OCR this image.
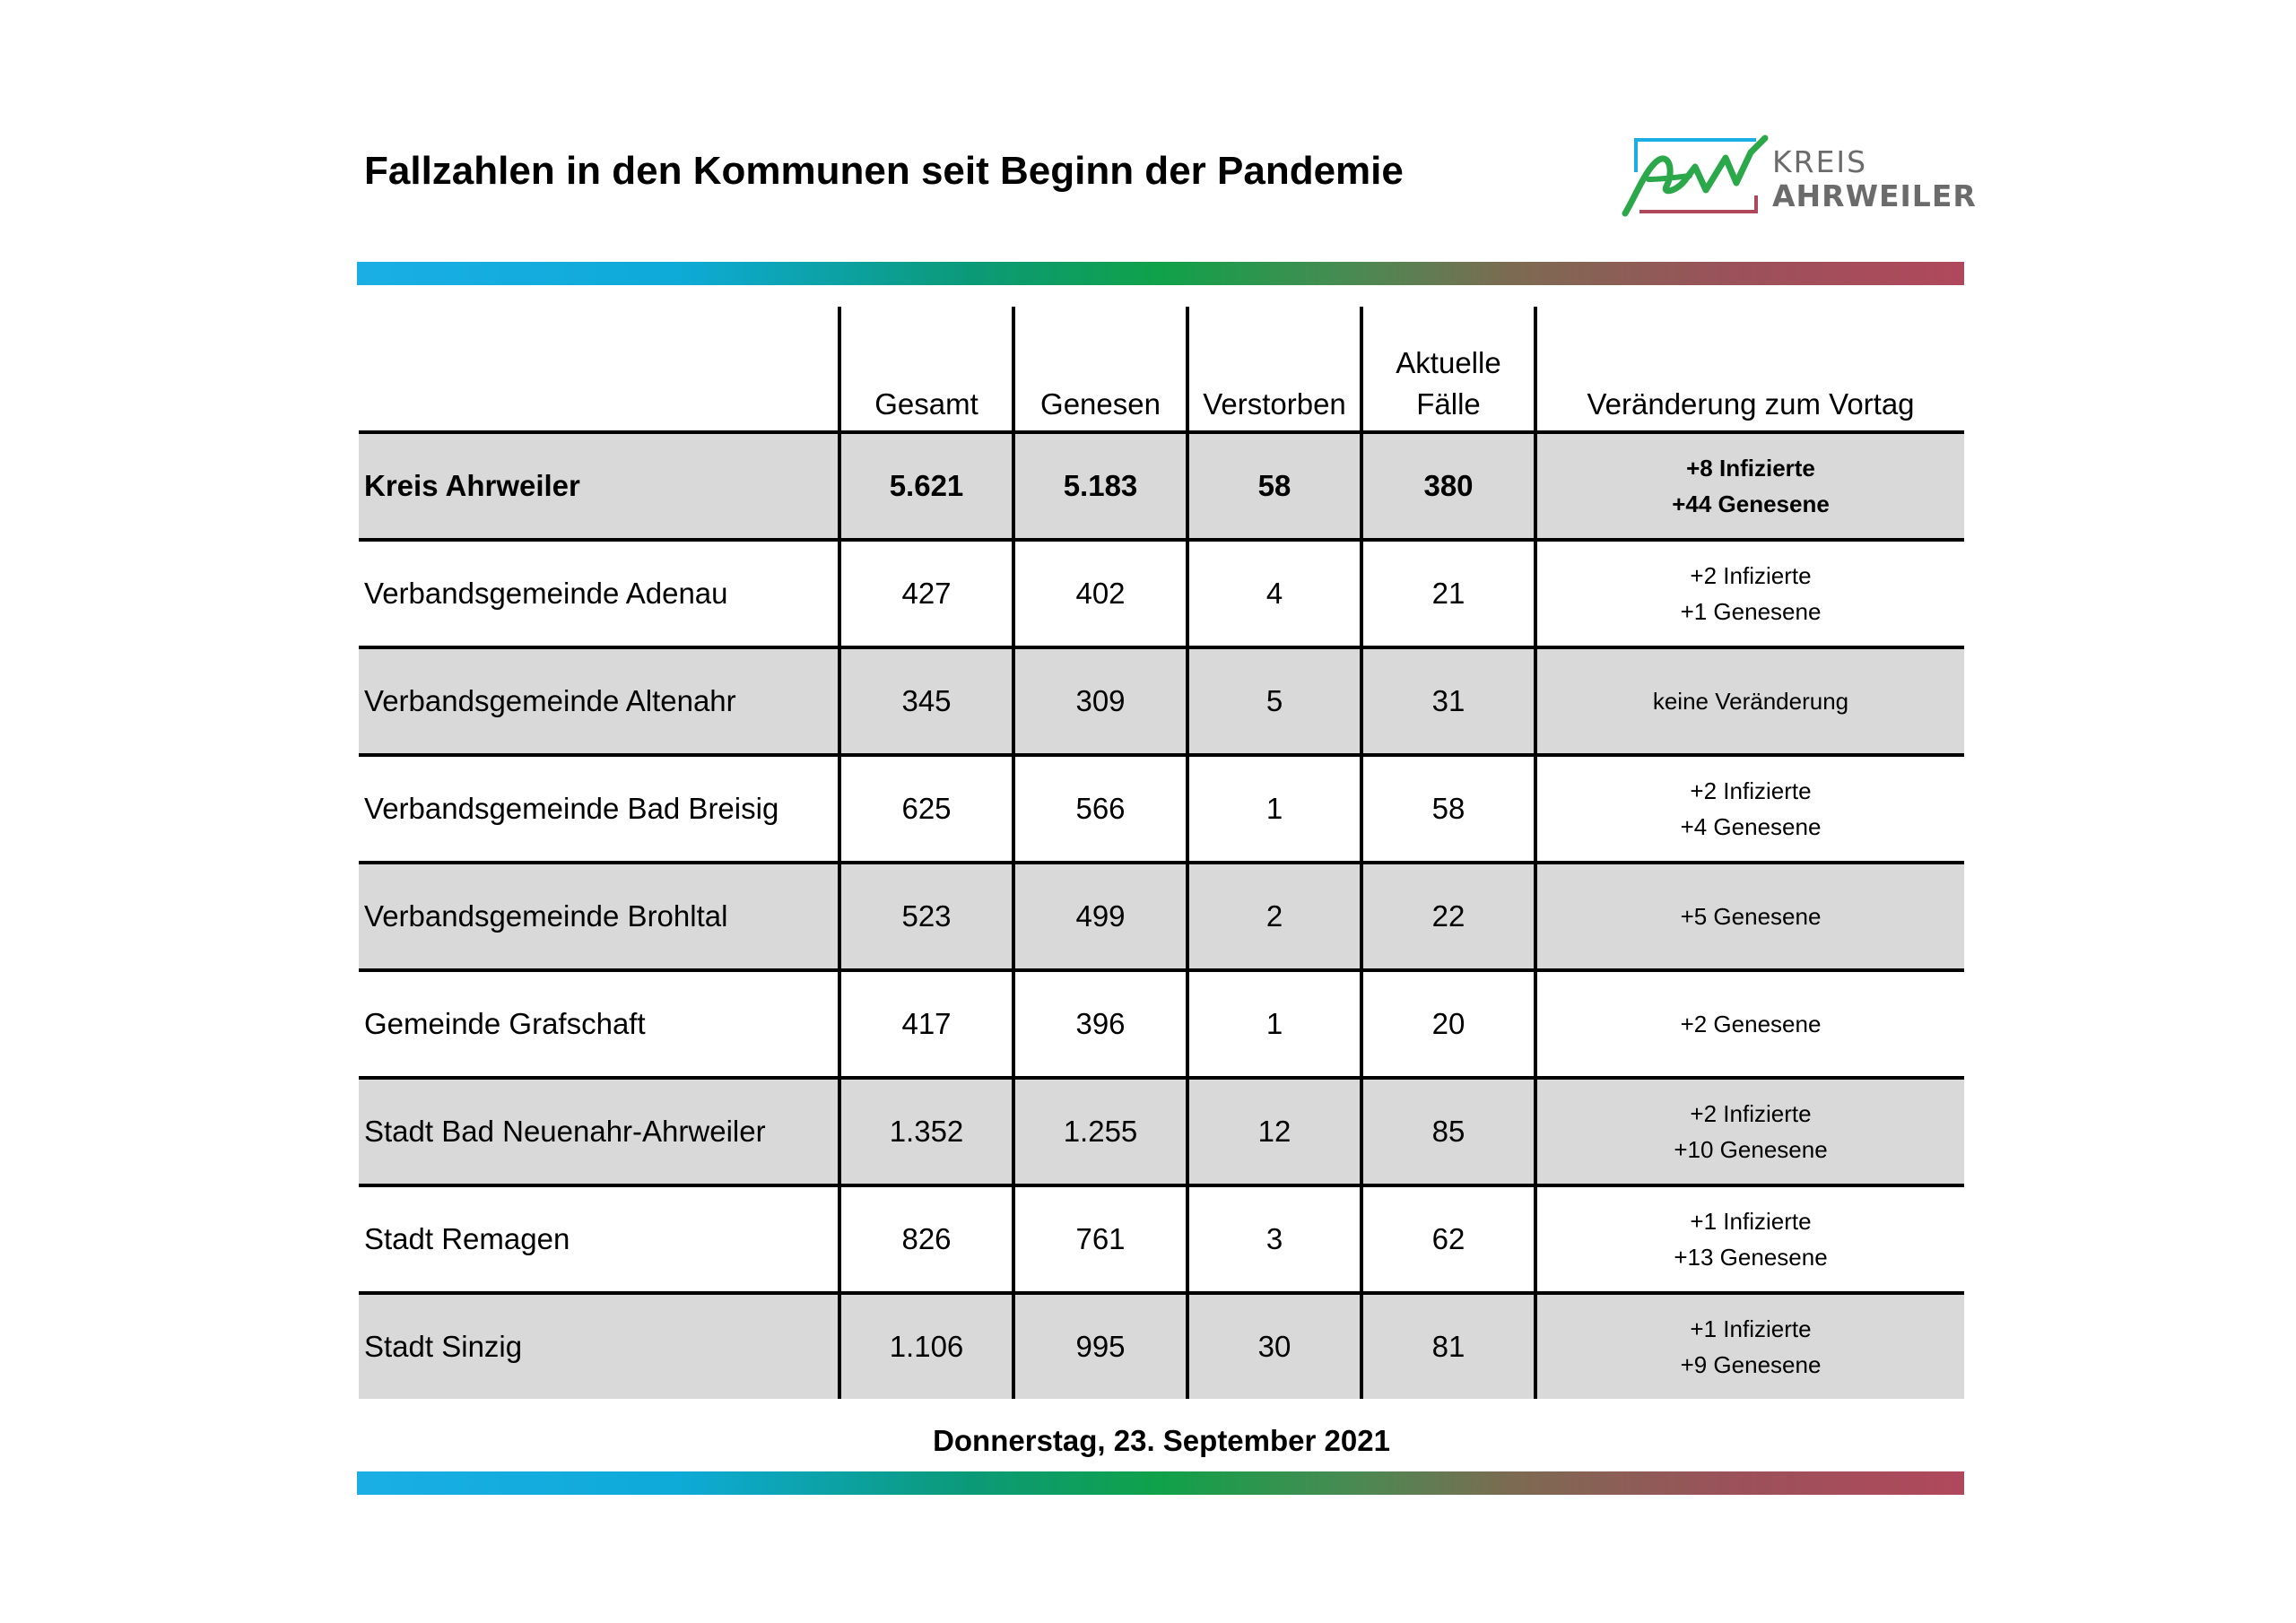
Fallzahlen in den Kommunen seit Beginn der Pandemie	KREIS
AHRWEILER
	Gesamt	Genesen	Verstorben	Aktuelle
Fälle	Veränderung zum Vortag
Kreis Ahrweiler	5.621	5.183	58	380	+8 Infizierte
+44 Genesene

Verbandsgemeinde Adenau	427	402	4	21	+2 Infizierte
+1 Genesene

Verbandsgemeinde Altenahr	345	309	5	31	keine Veränderung

Verbandsgemeinde Bad Breisig	625	566	1	58	+2 Infizierte
+4 Genesene

Verbandsgemeinde Brohltal	523	499	2	22	+5 Genesene

Gemeinde Grafschaft	417	396	1	20	+2 Genesene

Stadt Bad Neuenahr-Ahrweiler	1.352	1.255	12	85	+2 Infizierte
+10 Genesene

Stadt Remagen	826	761	3	62	+1 Infizierte
+13 Genesene

Stadt Sinzig	1.106	995	30	81	+1 Infizierte
+9 Genesene
Donnerstag, 23. September 2021
